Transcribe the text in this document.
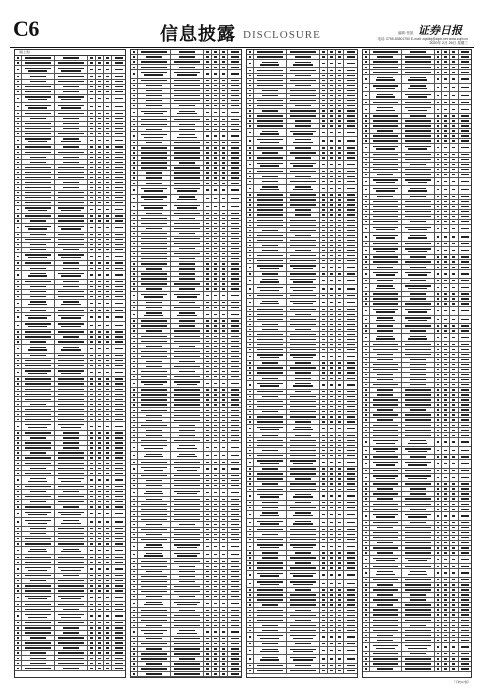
C6	信息披露 DISCLOSURE	证券日报
编辑: 张凯
电话: 0755-83501750 E-mail: zqsbbj@zqrb.net www.zqrb.cn
2020年 2月 26日 星期三
（续上表）
（下转C7版）
